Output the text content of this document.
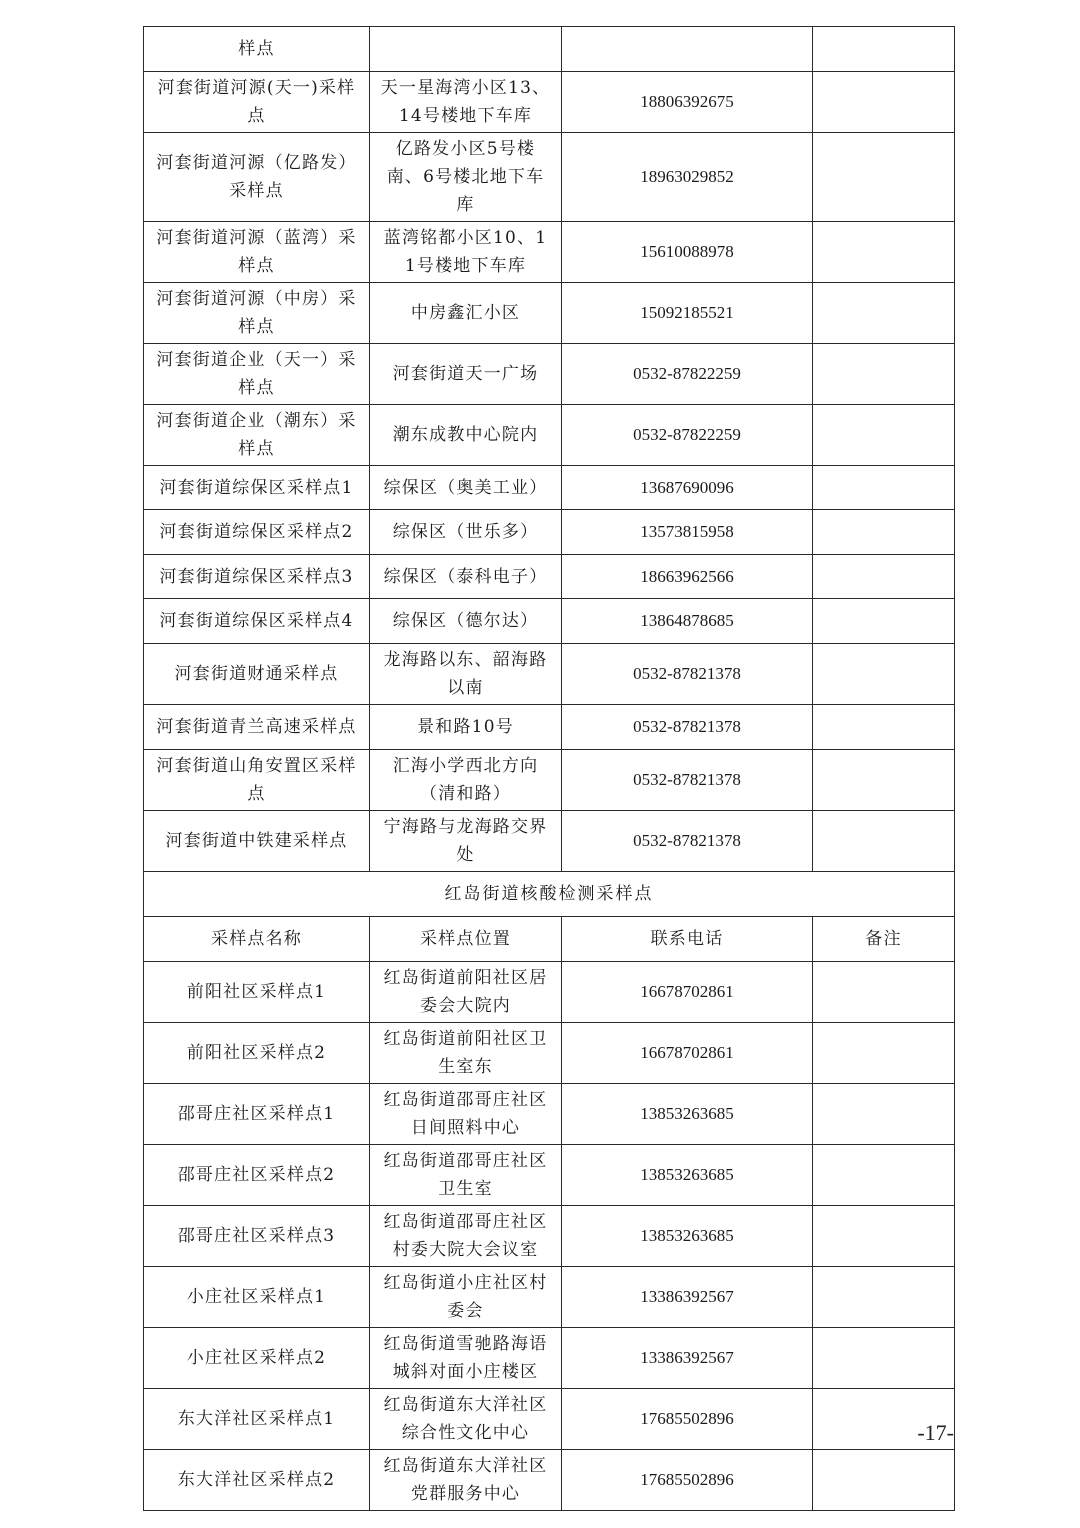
样点			
河套街道河源(天一)采样点	天一星海湾小区13、14号楼地下车库	18806392675	
河套街道河源（亿路发）采样点	亿路发小区5号楼南、6号楼北地下车库	18963029852	
河套街道河源（蓝湾）采样点	蓝湾铭都小区10、11号楼地下车库	15610088978	
河套街道河源（中房）采样点	中房鑫汇小区	15092185521	
河套街道企业（天一）采样点	河套街道天一广场	0532-87822259	
河套街道企业（潮东）采样点	潮东成教中心院内	0532-87822259	
河套街道综保区采样点1	综保区（奥美工业）	13687690096	
河套街道综保区采样点2	综保区（世乐多）	13573815958	
河套街道综保区采样点3	综保区（泰科电子）	18663962566	
河套街道综保区采样点4	综保区（德尔达）	13864878685	
河套街道财通采样点	龙海路以东、韶海路以南	0532-87821378	
河套街道青兰高速采样点	景和路10号	0532-87821378	
河套街道山角安置区采样点	汇海小学西北方向（清和路）	0532-87821378	
河套街道中铁建采样点	宁海路与龙海路交界处	0532-87821378	
红岛街道核酸检测采样点			
采样点名称	采样点位置	联系电话	备注
前阳社区采样点1	红岛街道前阳社区居委会大院内	16678702861	
前阳社区采样点2	红岛街道前阳社区卫生室东	16678702861	
邵哥庄社区采样点1	红岛街道邵哥庄社区日间照料中心	13853263685	
邵哥庄社区采样点2	红岛街道邵哥庄社区卫生室	13853263685	
邵哥庄社区采样点3	红岛街道邵哥庄社区村委大院大会议室	13853263685	
小庄社区采样点1	红岛街道小庄社区村委会	13386392567	
小庄社区采样点2	红岛街道雪驰路海语城斜对面小庄楼区	13386392567	
东大洋社区采样点1	红岛街道东大洋社区综合性文化中心	17685502896	
东大洋社区采样点2	红岛街道东大洋社区党群服务中心	17685502896	
-17-
